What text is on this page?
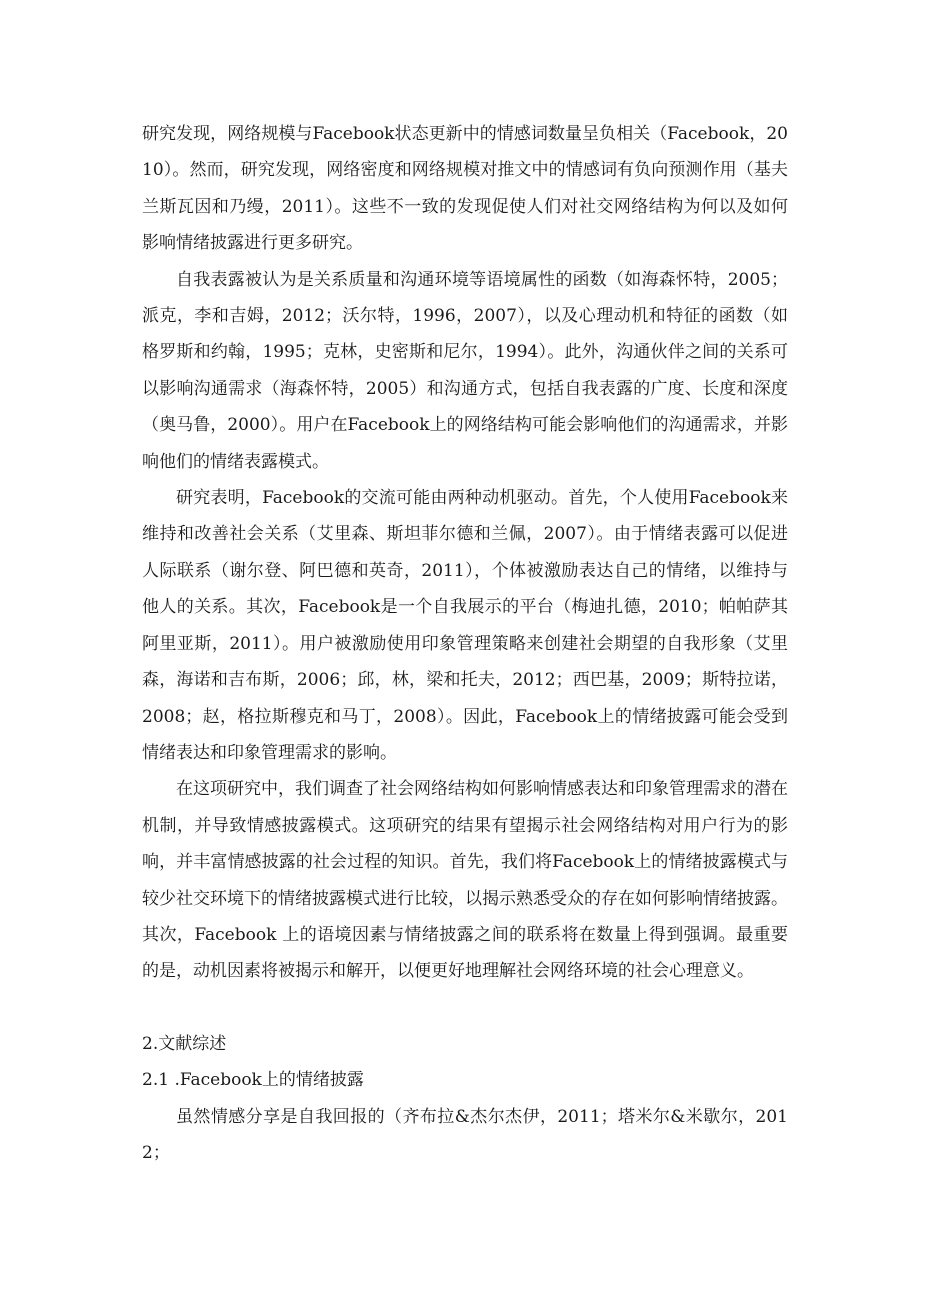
研究发现，网络规模与Facebook状态更新中的情感词数量呈负相关（Facebook，2010）。然而，研究发现，网络密度和网络规模对推文中的情感词有负向预测作用（基夫兰斯瓦因和乃缦，2011）。这些不一致的发现促使人们对社交网络结构为何以及如何影响情绪披露进行更多研究。

自我表露被认为是关系质量和沟通环境等语境属性的函数（如海森怀特，2005；派克，李和吉姆，2012；沃尔特，1996，2007），以及心理动机和特征的函数（如格罗斯和约翰，1995；克林，史密斯和尼尔，1994）。此外，沟通伙伴之间的关系可以影响沟通需求（海森怀特，2005）和沟通方式，包括自我表露的广度、长度和深度（奥马鲁，2000）。用户在Facebook上的网络结构可能会影响他们的沟通需求，并影响他们的情绪表露模式。

研究表明，Facebook的交流可能由两种动机驱动。首先，个人使用Facebook来维持和改善社会关系（艾里森、斯坦菲尔德和兰佩，2007）。由于情绪表露可以促进人际联系（谢尔登、阿巴德和英奇，2011），个体被激励表达自己的情绪，以维持与他人的关系。其次，Facebook是一个自我展示的平台（梅迪扎德，2010；帕帕萨其阿里亚斯，2011）。用户被激励使用印象管理策略来创建社会期望的自我形象（艾里森，海诺和吉布斯，2006；邱，林，梁和托夫，2012；西巴基，2009；斯特拉诺，2008；赵，格拉斯穆克和马丁，2008）。因此，Facebook上的情绪披露可能会受到情绪表达和印象管理需求的影响。

在这项研究中，我们调查了社会网络结构如何影响情感表达和印象管理需求的潜在机制，并导致情感披露模式。这项研究的结果有望揭示社会网络结构对用户行为的影响，并丰富情感披露的社会过程的知识。首先，我们将Facebook上的情绪披露模式与较少社交环境下的情绪披露模式进行比较，以揭示熟悉受众的存在如何影响情绪披露。其次，Facebook 上的语境因素与情绪披露之间的联系将在数量上得到强调。最重要的是，动机因素将被揭示和解开，以便更好地理解社会网络环境的社会心理意义。

2.文献综述

2.1 .Facebook上的情绪披露

虽然情感分享是自我回报的（齐布拉&杰尔杰伊，2011；塔米尔&米歇尔，2012；
